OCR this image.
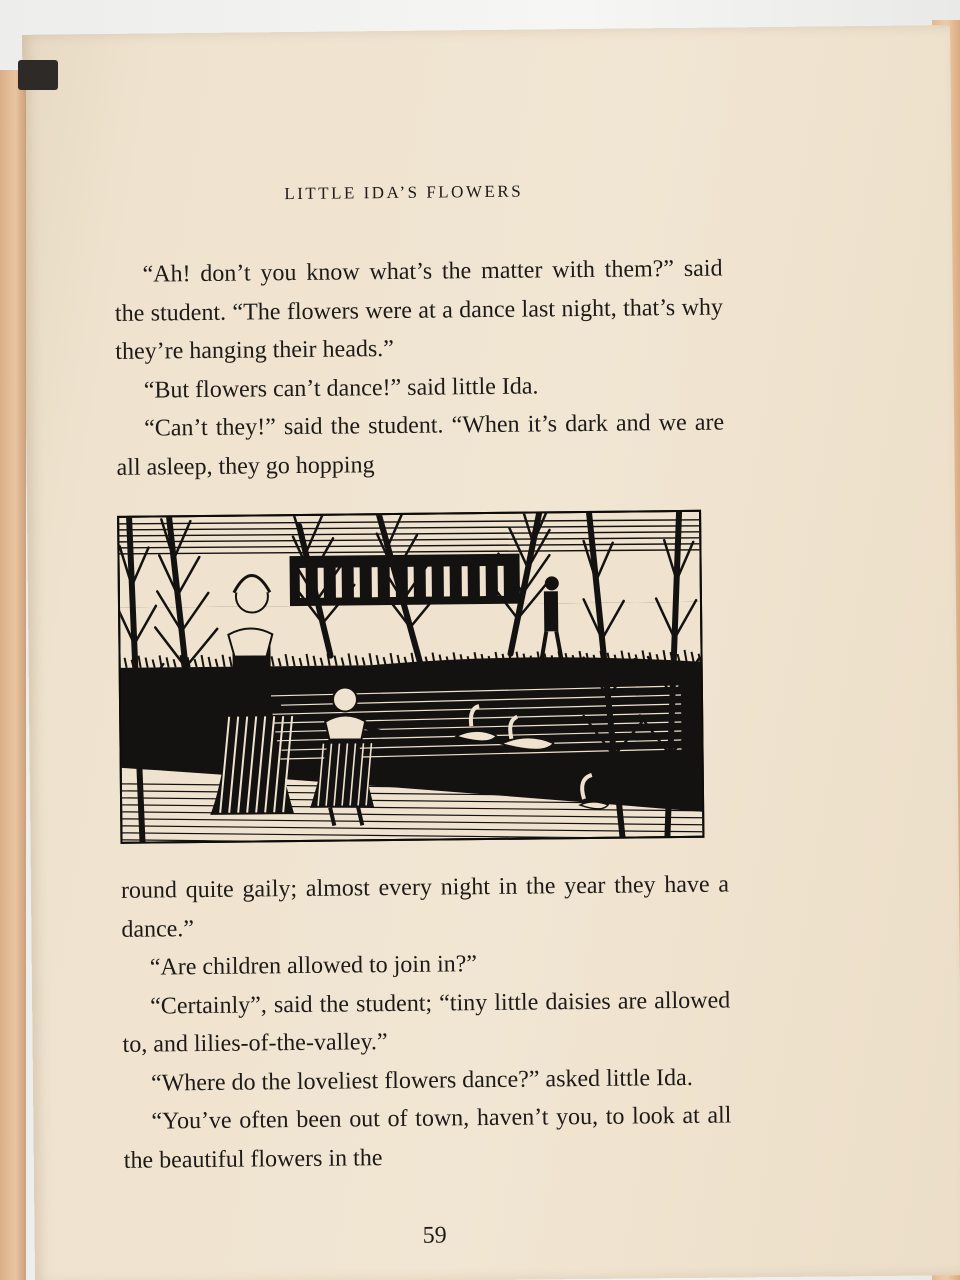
LITTLE IDA’S FLOWERS

“Ah! don’t you know what’s the matter with them?” said the student. “The flowers were at a dance last night, that’s why they’re hanging their heads.”

“But flowers can’t dance!” said little Ida.

“Can’t they!” said the student. “When it’s dark and we are all asleep, they go hopping

round quite gaily; almost every night in the year they have a dance.”

“Are children allowed to join in?”

“Certainly”, said the student; “tiny little daisies are allowed to, and lilies-of-the-valley.”

“Where do the loveliest flowers dance?” asked little Ida.

“You’ve often been out of town, haven’t you, to look at all the beautiful flowers in the

59
